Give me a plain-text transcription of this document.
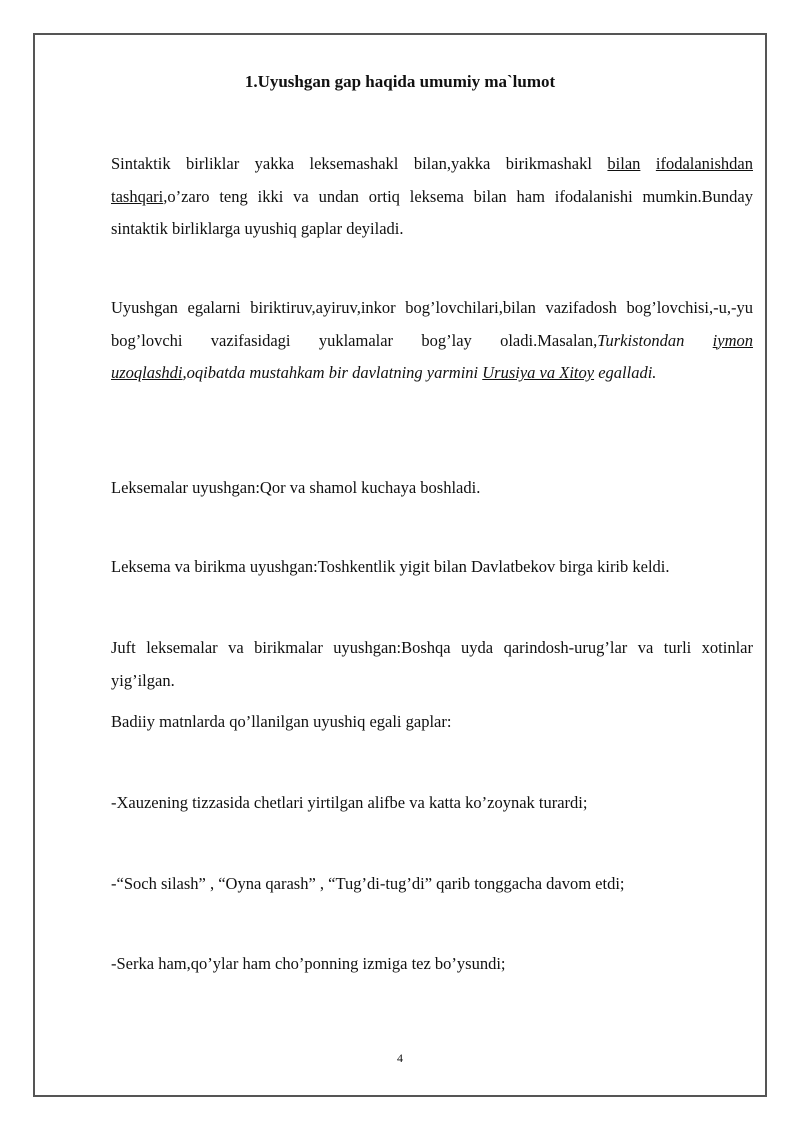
1.Uyushgan gap haqida umumiy ma`lumot

Sintaktik birliklar yakka leksemashakl bilan,yakka birikmashakl bilan ifodalanishdan tashqari,o’zaro teng ikki va undan ortiq leksema bilan ham ifodalanishi mumkin.Bunday sintaktik birliklarga uyushiq gaplar deyiladi.

Uyushgan egalarni biriktiruv,ayiruv,inkor bog’lovchilari,bilan vazifadosh bog’lovchisi,-u,-yu bog’lovchi vazifasidagi yuklamalar bog’lay oladi.Masalan,Turkistondan iymon uzoqlashdi,oqibatda mustahkam bir davlatning yarmini Urusiya va Xitoy egalladi.

Leksemalar uyushgan:Qor va shamol kuchaya boshladi.

Leksema va birikma uyushgan:Toshkentlik yigit bilan Davlatbekov birga kirib keldi.

Juft leksemalar va birikmalar uyushgan:Boshqa uyda qarindosh-urug’lar va turli xotinlar yig’ilgan.

Badiiy matnlarda qo’llanilgan uyushiq egali gaplar:

-Xauzening tizzasida chetlari yirtilgan alifbe va katta ko’zoynak turardi;

-“Soch silash” , “Oyna qarash” , “Tug’di-tug’di” qarib tonggacha davom etdi;

-Serka ham,qo’ylar ham cho’ponning izmiga tez bo’ysundi;

4
